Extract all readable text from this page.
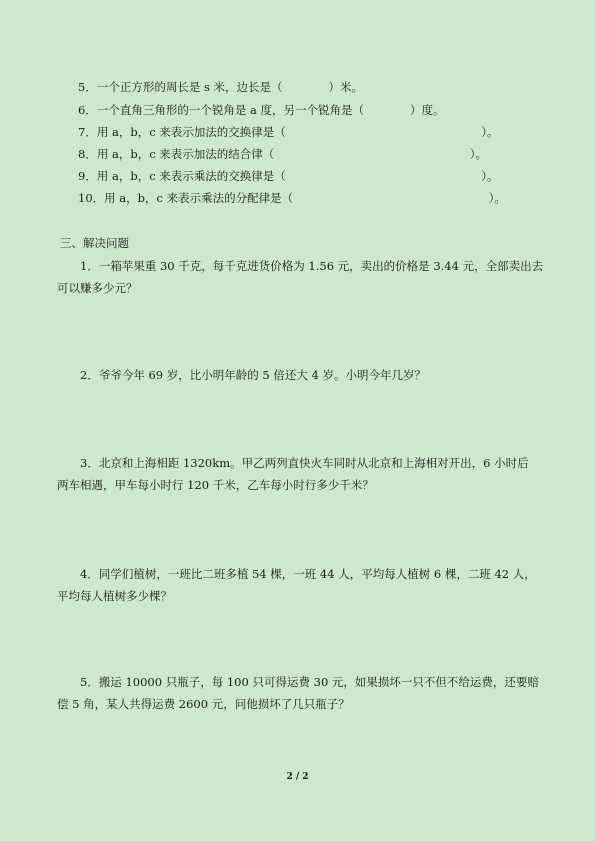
5．一个正方形的周长是 s 米，边长是（　　　　）米。
6．一个直角三角形的一个锐角是 a 度，另一个锐角是（　　　　）度。
7．用 a，b，c 来表示加法的交换律是（　　　　　　　　　　　　　　　　　）。
8．用 a，b，c 来表示加法的结合律（　　　　　　　　　　　　　　　　　）。
9．用 a，b，c 来表示乘法的交换律是（　　　　　　　　　　　　　　　　　）。
10．用 a，b，c 来表示乘法的分配律是（　　　　　　　　　　　　　　　　　）。
三、解决问题
1．一箱苹果重 30 千克，每千克进货价格为 1.56 元，卖出的价格是 3.44 元，全部卖出去
可以赚多少元？
2．爷爷今年 69 岁，比小明年龄的 5 倍还大 4 岁。小明今年几岁？
3．北京和上海相距 1320km。甲乙两列直快火车同时从北京和上海相对开出，6 小时后
两车相遇，甲车每小时行 120 千米，乙车每小时行多少千米？
4．同学们植树，一班比二班多植 54 棵，一班 44 人，平均每人植树 6 棵，二班 42 人，
平均每人植树多少棵？
5．搬运 10000 只瓶子，每 100 只可得运费 30 元，如果损坏一只不但不给运费，还要赔
偿 5 角，某人共得运费 2600 元，问他损坏了几只瓶子？
2 / 2
